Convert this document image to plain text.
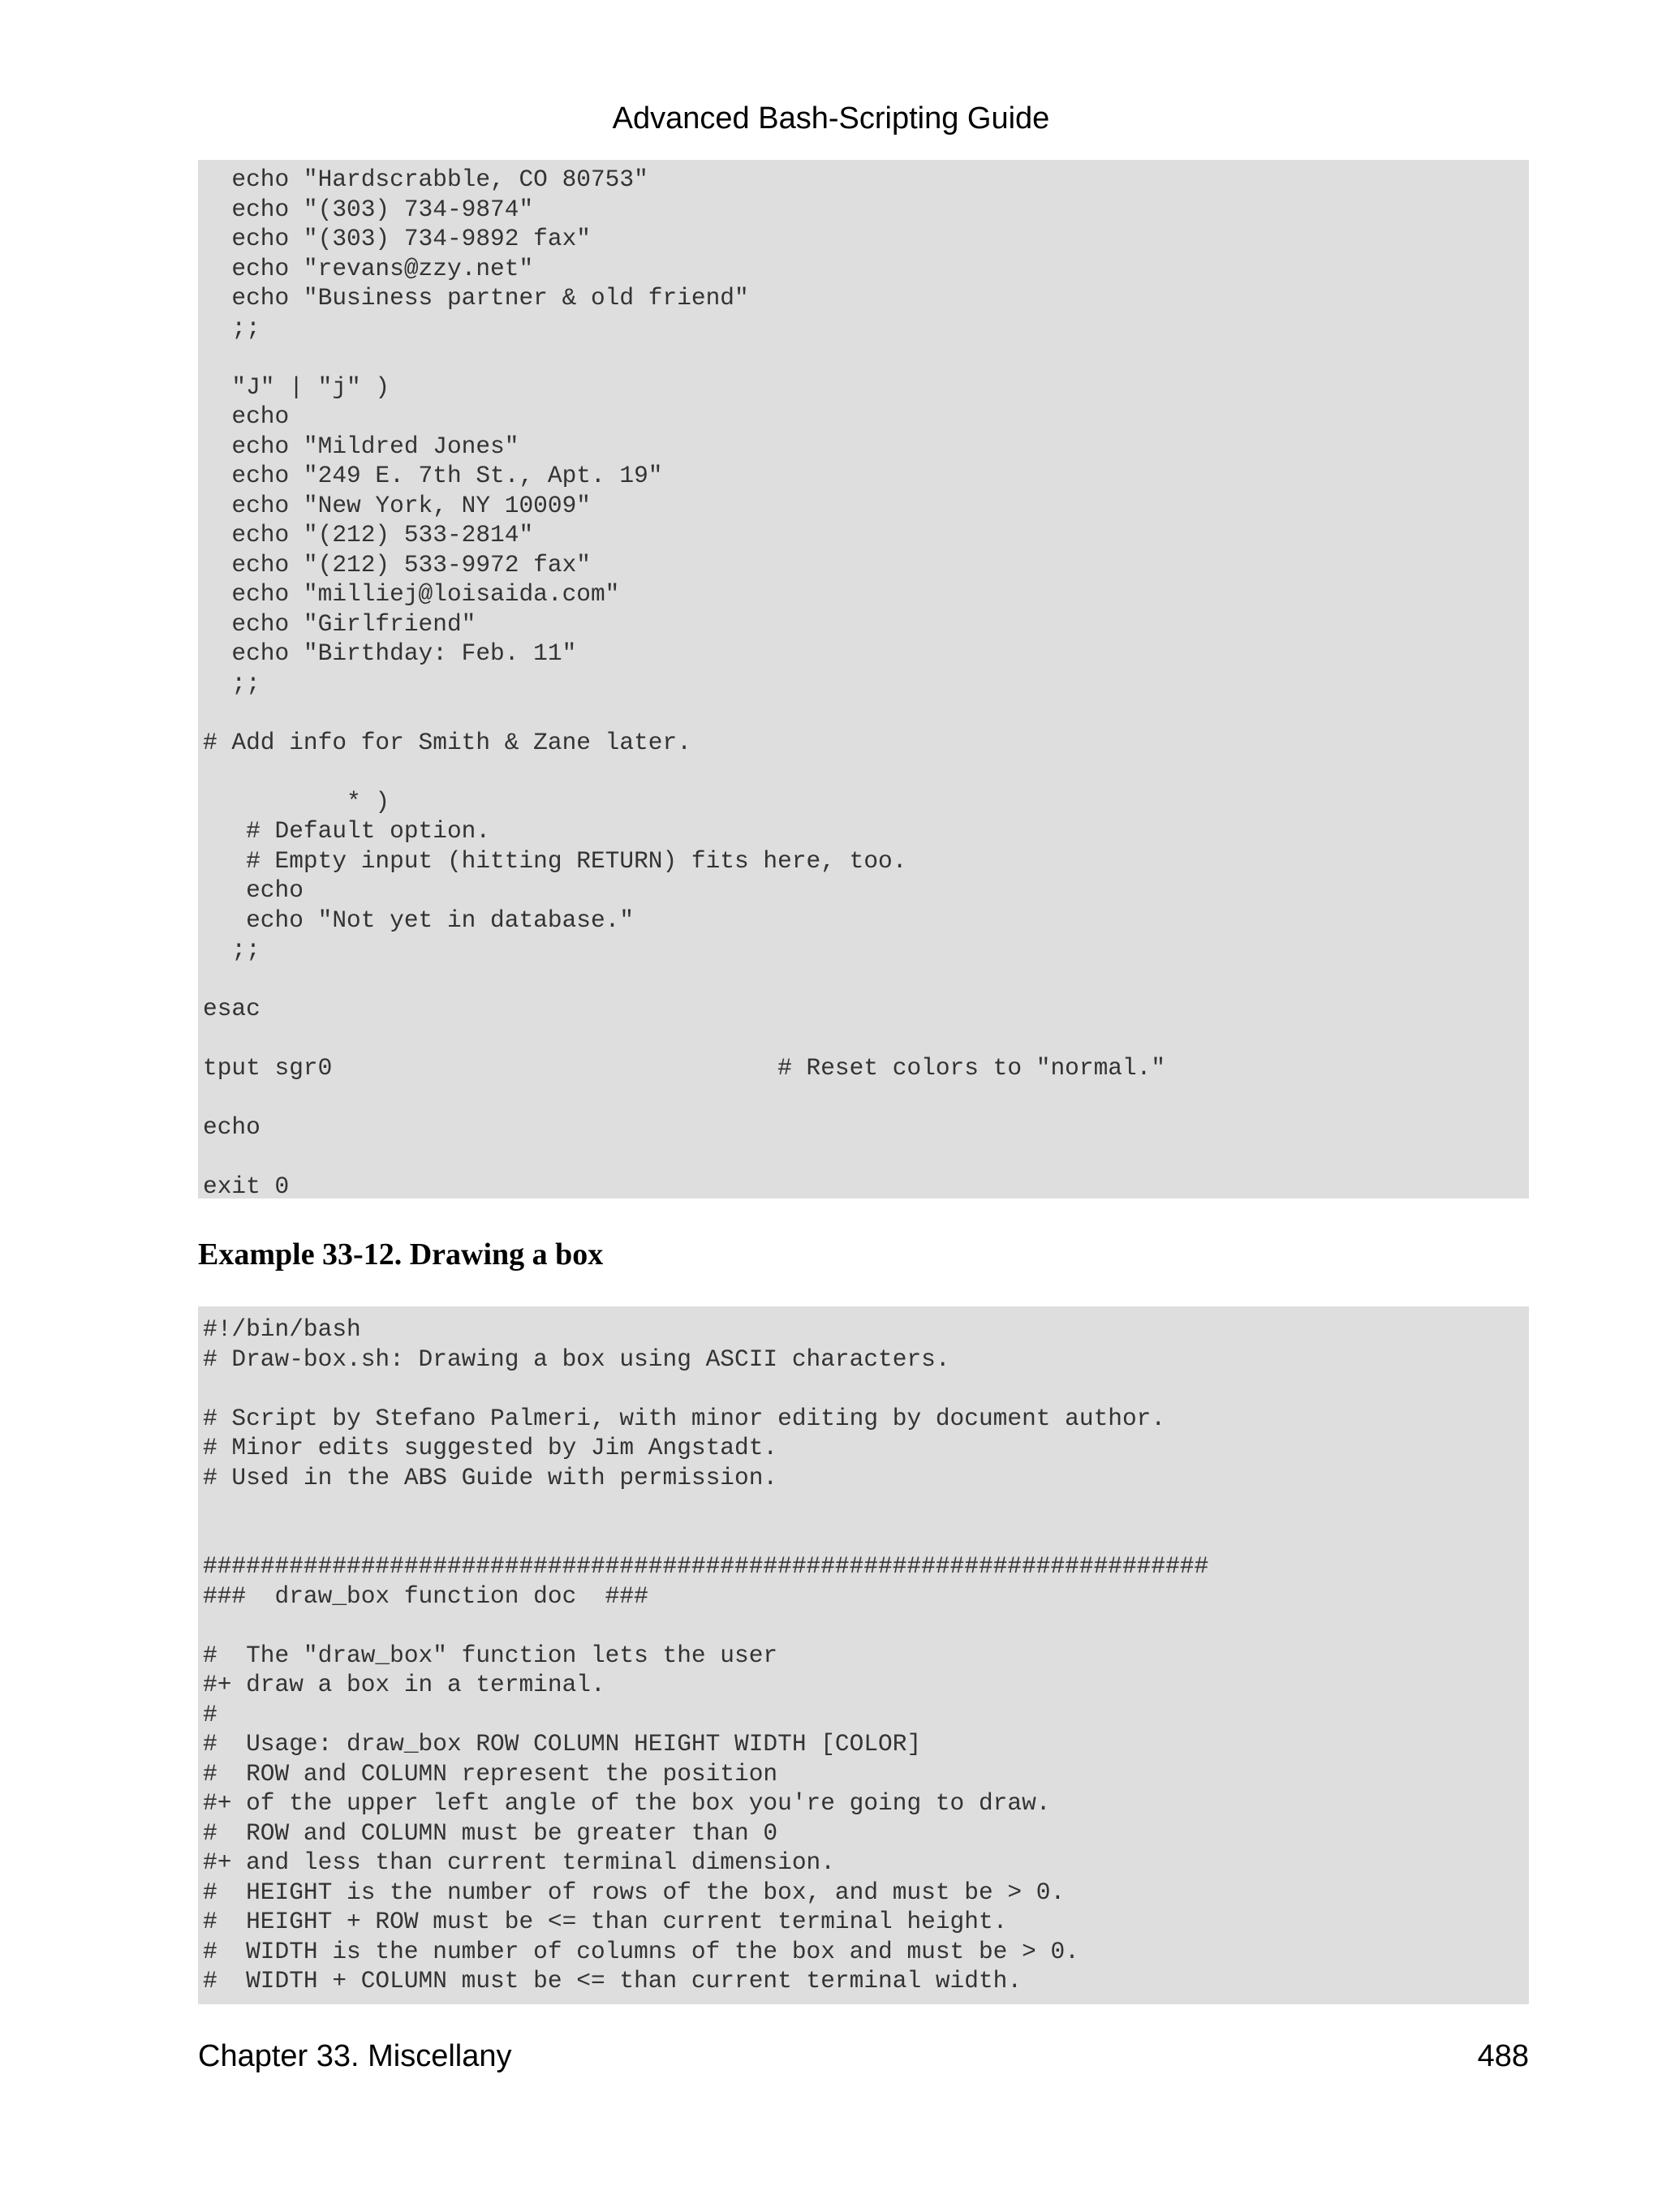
Advanced Bash-Scripting Guide
echo "Hardscrabble, CO 80753"
echo "(303) 734-9874"
echo "(303) 734-9892 fax"
echo "revans@zzy.net"
echo "Business partner & old friend"
;;

"J" | "j" )
echo
echo "Mildred Jones"
echo "249 E. 7th St., Apt. 19"
echo "New York, NY 10009"
echo "(212) 533-2814"
echo "(212) 533-9972 fax"
echo "milliej@loisaida.com"
echo "Girlfriend"
echo "Birthday: Feb. 11"
;;

# Add info for Smith & Zane later.

* )
# Default option.
# Empty input (hitting RETURN) fits here, too.
echo
echo "Not yet in database."
;;

esac

tput sgr0                               # Reset colors to "normal."

echo

exit 0
Example 33-12. Drawing a box
#!/bin/bash
# Draw-box.sh: Drawing a box using ASCII characters.

# Script by Stefano Palmeri, with minor editing by document author.
# Minor edits suggested by Jim Angstadt.
# Used in the ABS Guide with permission.

######################################################################
###  draw_box function doc  ###

#  The "draw_box" function lets the user
#+ draw a box in a terminal.
#
#  Usage: draw_box ROW COLUMN HEIGHT WIDTH [COLOR]
#  ROW and COLUMN represent the position
#+ of the upper left angle of the box you're going to draw.
#  ROW and COLUMN must be greater than 0
#+ and less than current terminal dimension.
#  HEIGHT is the number of rows of the box, and must be > 0.
#  HEIGHT + ROW must be <= than current terminal height.
#  WIDTH is the number of columns of the box and must be > 0.
#  WIDTH + COLUMN must be <= than current terminal width.
Chapter 33. Miscellany	488
